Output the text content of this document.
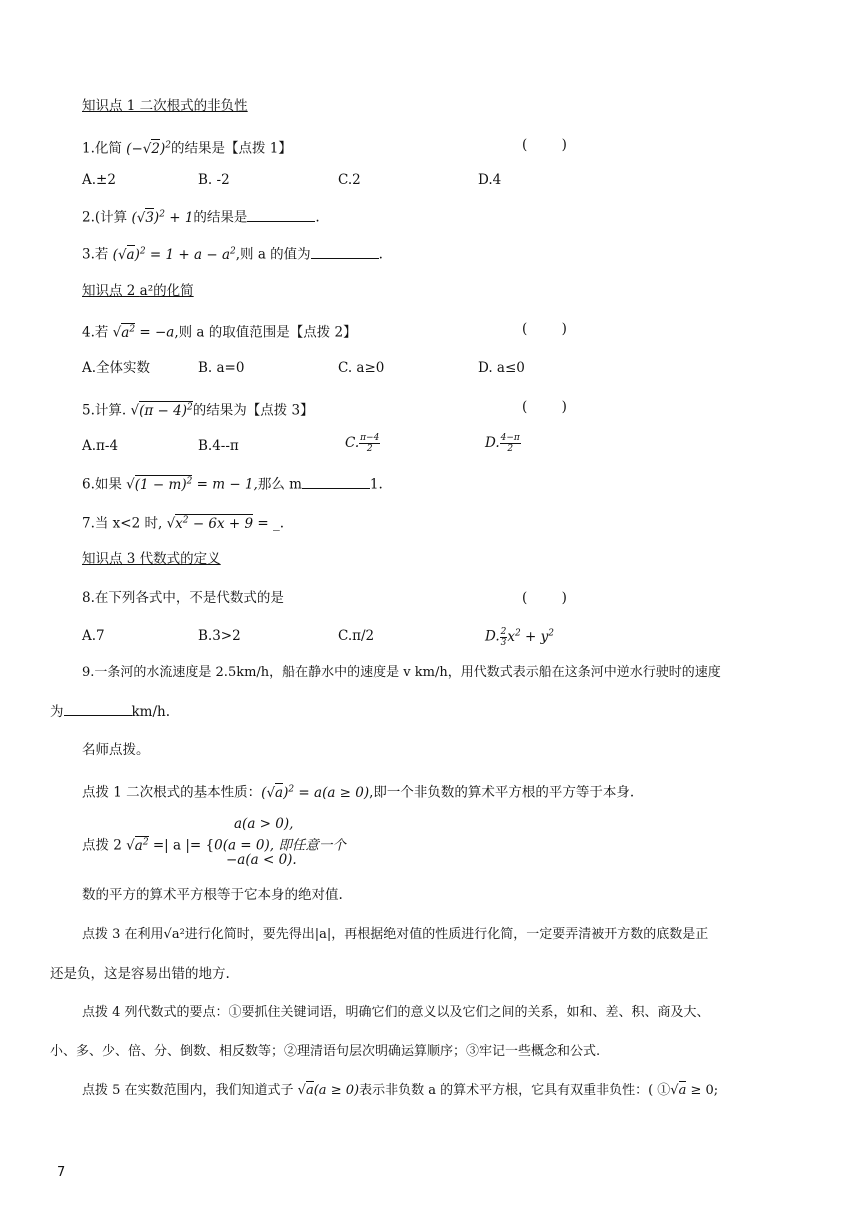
知识点 1 二次根式的非负性
1.化简 $(-√2)^2$的结果是【点拨 1】	(        )
A.±2	B. -2	C.2	D.4
2.(计算 $(√3)^2 + 1$的结果是	.
3.若 $(√a)^2 = 1 + a - a^2$,则 a 的值为	.
知识点 2 a²的化简
4.若 $√a^2 = -a$,则 a 的取值范围是【点拨 2】	(        )
A.全体实数	B. a=0	C. a≥0	D. a≤0
5.计算. $√(\pi - 4)^2$的结果为【点拨 3】	(        )
A.π-4	B.4--π	C. $\frac{\pi-4}{2}$	D. $\frac{4-\pi}{2}$
6.如果 $√(1 - m)^2 = m - 1$,那么 m	1.
7.当 x<2 时, $√x^2 - 6x + 9$ = _.
知识点 3 代数式的定义
8.在下列各式中，不是代数式的是	(        )
A.7	B.3>2	C.π/2	D. $\frac{2}{3} x^2 + y^2$
9.一条河的水流速度是 2.5km/h，船在静水中的速度是 v km/h，用代数式表示船在这条河中逆水行驶时的速度
为	km/h.
名师点拨。
点拨 1 二次根式的基本性质：$(√a)^2 = a(a \ge 0)$,即一个非负数的算术平方根的平方等于本身.
a(a > 0),
点拨 2 $√a^2$ =| a |= {0(a = 0), 即任意一个
−a(a < 0).
数的平方的算术平方根等于它本身的绝对值.
点拨 3 在利用√a²进行化简时，要先得出|a|，再根据绝对值的性质进行化简，一定要弄清被开方数的底数是正
还是负，这是容易出错的地方.
点拨 4 列代数式的要点：①要抓住关键词语，明确它们的意义以及它们之间的关系，如和、差、积、商及大、
小、多、少、倍、分、倒数、相反数等；②理清语句层次明确运算顺序；③牢记一些概念和公式.
点拨 5 在实数范围内，我们知道式子 √a(a ≥ 0)表示非负数 a 的算术平方根，它具有双重非负性：( ①√a ≥ 0;
7
